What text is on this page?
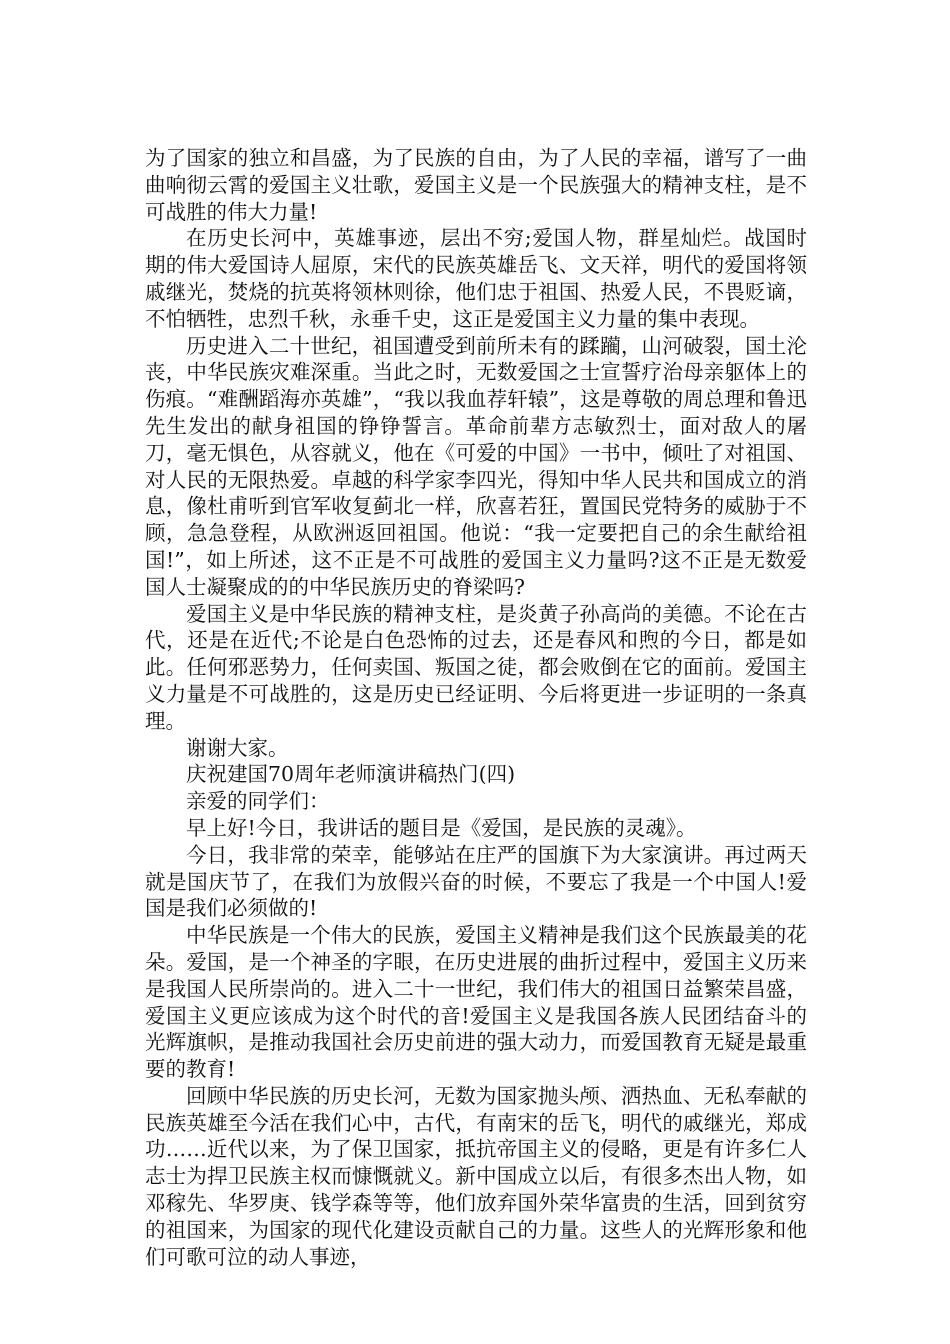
为了国家的独立和昌盛，为了民族的自由，为了人民的幸福，谱写了一曲曲响彻云霄的爱国主义壮歌，爱国主义是一个民族强大的精神支柱，是不可战胜的伟大力量!

在历史长河中，英雄事迹，层出不穷;爱国人物，群星灿烂。战国时期的伟大爱国诗人屈原，宋代的民族英雄岳飞、文天祥，明代的爱国将领戚继光，焚烧的抗英将领林则徐，他们忠于祖国、热爱人民，不畏贬谪，不怕牺牲，忠烈千秋，永垂千史，这正是爱国主义力量的集中表现。

历史进入二十世纪，祖国遭受到前所未有的蹂躏，山河破裂，国土沦丧，中华民族灾难深重。当此之时，无数爱国之士宣誓疗治母亲躯体上的伤痕。“难酬蹈海亦英雄”，“我以我血荐轩辕”，这是尊敬的周总理和鲁迅先生发出的献身祖国的铮铮誓言。革命前辈方志敏烈士，面对敌人的屠刀，毫无惧色，从容就义，他在《可爱的中国》一书中，倾吐了对祖国、对人民的无限热爱。卓越的科学家李四光，得知中华人民共和国成立的消息，像杜甫听到官军收复蓟北一样，欣喜若狂，置国民党特务的威胁于不顾，急急登程，从欧洲返回祖国。他说：“我一定要把自己的余生献给祖国!”，如上所述，这不正是不可战胜的爱国主义力量吗?这不正是无数爱国人士凝聚成的的中华民族历史的脊梁吗?

爱国主义是中华民族的精神支柱，是炎黄子孙高尚的美德。不论在古代，还是在近代;不论是白色恐怖的过去，还是春风和煦的今日，都是如此。任何邪恶势力，任何卖国、叛国之徒，都会败倒在它的面前。爱国主义力量是不可战胜的，这是历史已经证明、今后将更进一步证明的一条真理。

谢谢大家。

庆祝建国70周年老师演讲稿热门(四)

亲爱的同学们：

早上好!今日，我讲话的题目是《爱国，是民族的灵魂》。

今日，我非常的荣幸，能够站在庄严的国旗下为大家演讲。再过两天就是国庆节了，在我们为放假兴奋的时候，不要忘了我是一个中国人!爱国是我们必须做的!

中华民族是一个伟大的民族，爱国主义精神是我们这个民族最美的花朵。爱国，是一个神圣的字眼，在历史进展的曲折过程中，爱国主义历来是我国人民所崇尚的。进入二十一世纪，我们伟大的祖国日益繁荣昌盛，爱国主义更应该成为这个时代的音!爱国主义是我国各族人民团结奋斗的光辉旗帜，是推动我国社会历史前进的强大动力，而爱国教育无疑是最重要的教育!

回顾中华民族的历史长河，无数为国家抛头颅、洒热血、无私奉献的民族英雄至今活在我们心中，古代，有南宋的岳飞，明代的戚继光，郑成功……近代以来，为了保卫国家，抵抗帝国主义的侵略，更是有许多仁人志士为捍卫民族主权而慷慨就义。新中国成立以后，有很多杰出人物，如邓稼先、华罗庚、钱学森等等，他们放弃国外荣华富贵的生活，回到贫穷的祖国来，为国家的现代化建设贡献自己的力量。这些人的光辉形象和他们可歌可泣的动人事迹，
